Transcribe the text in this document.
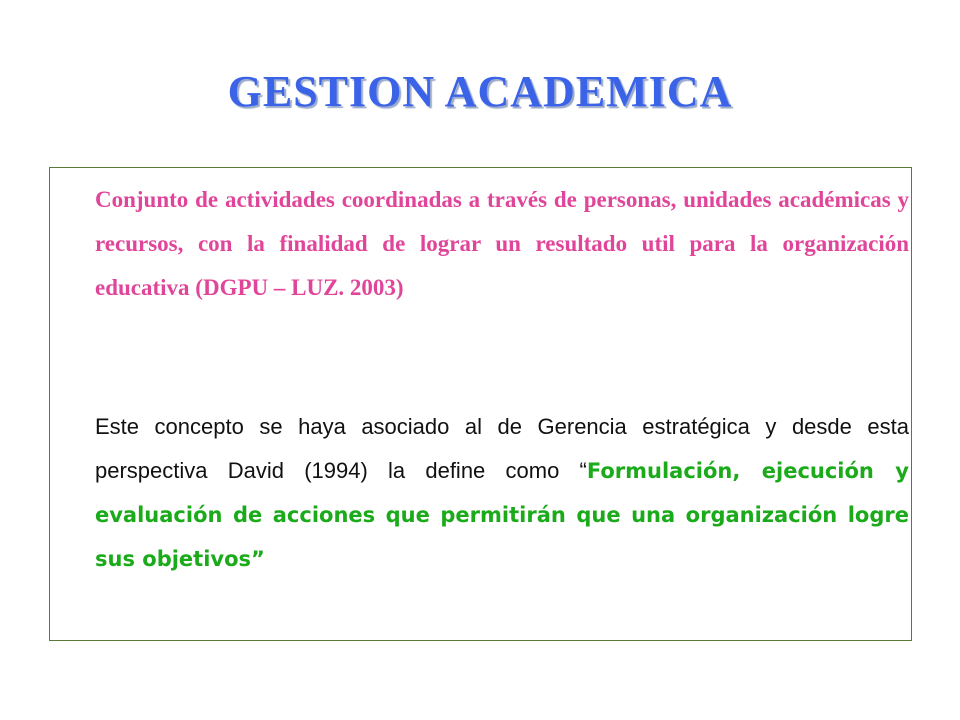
GESTION ACADEMICA
Conjunto de actividades coordinadas a través de personas, unidades académicas y recursos, con la finalidad de lograr un resultado util para la organización educativa (DGPU – LUZ. 2003)
Este concepto se haya asociado al de Gerencia estratégica y desde esta perspectiva David (1994) la define como “Formulación, ejecución y evaluación de acciones que permitirán que una organización logre sus objetivos”
